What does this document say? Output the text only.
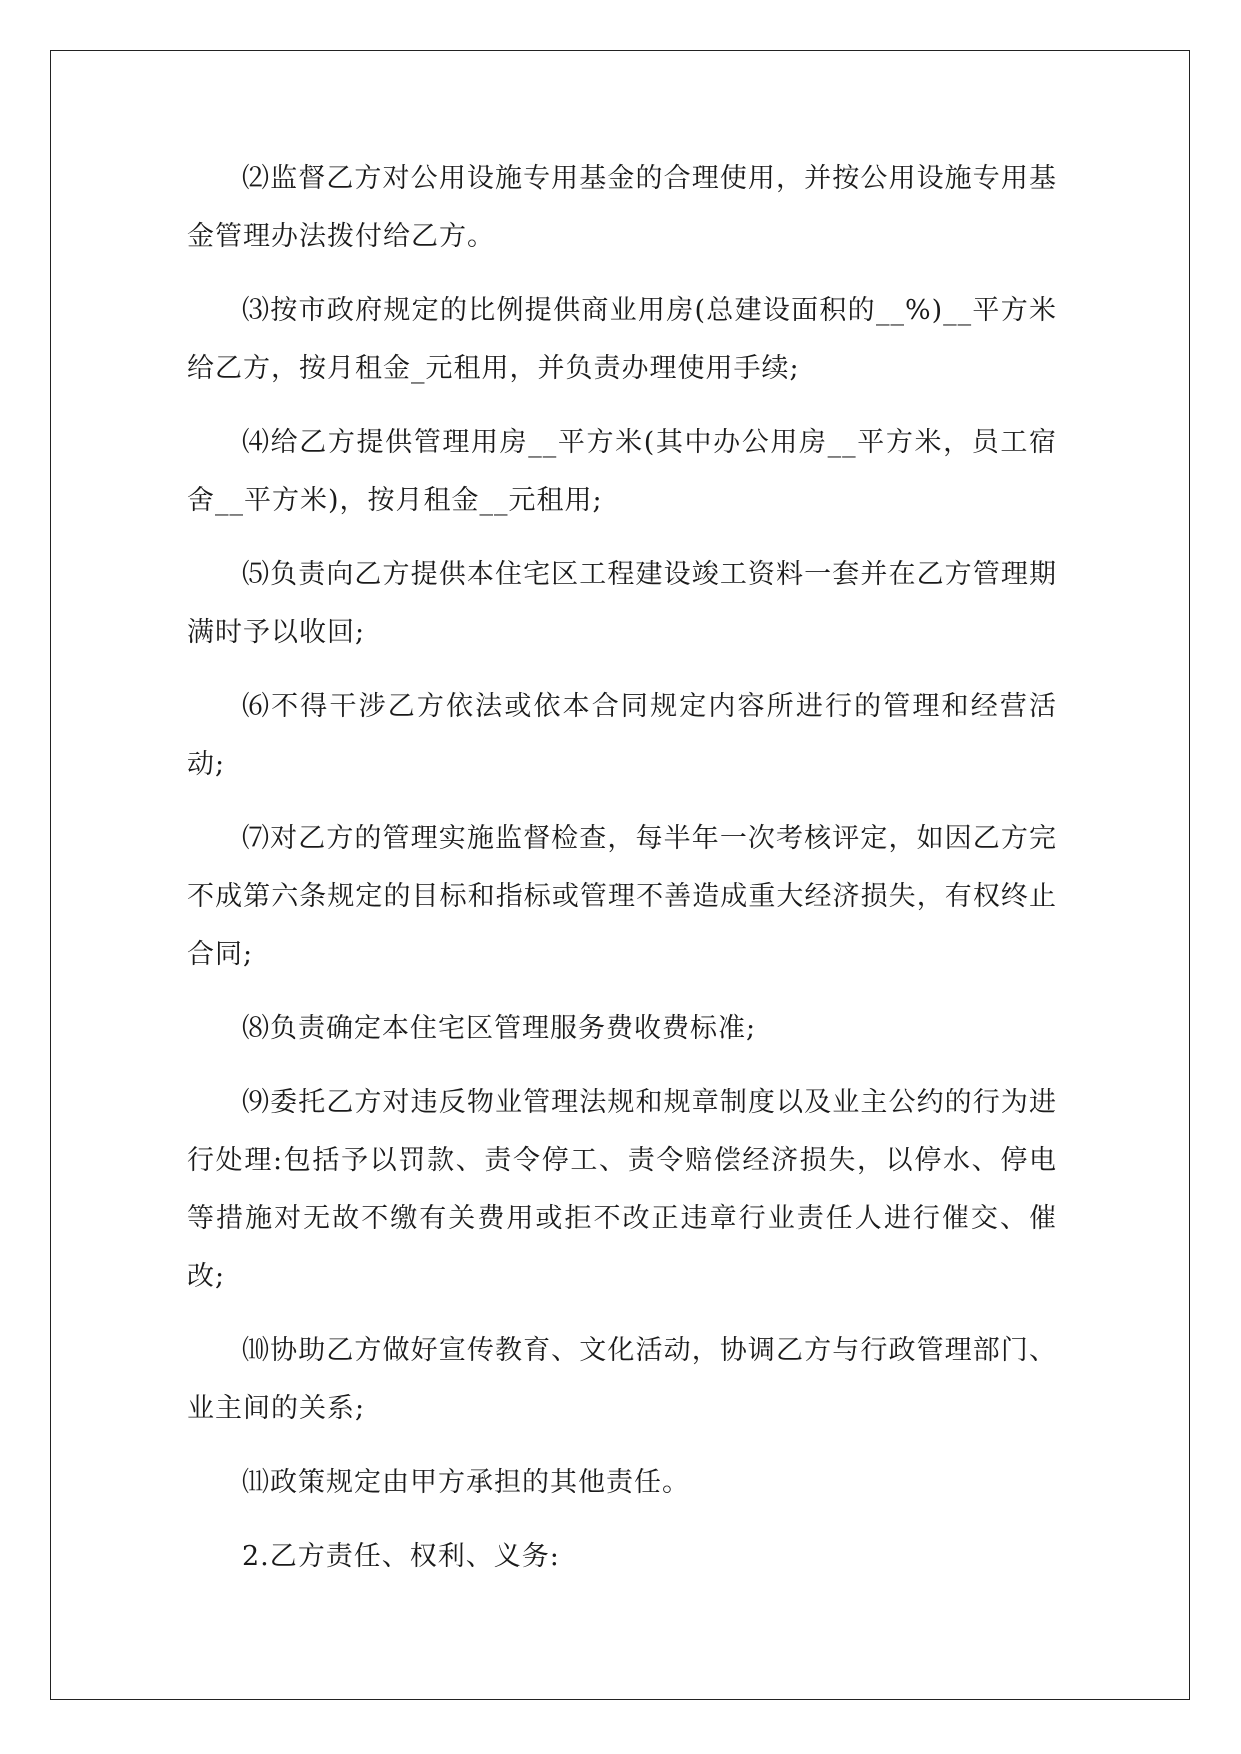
⑵监督乙方对公用设施专用基金的合理使用，并按公用设施专用基金管理办法拨付给乙方。

⑶按市政府规定的比例提供商业用房(总建设面积的__%)__平方米给乙方，按月租金_元租用，并负责办理使用手续;

⑷给乙方提供管理用房__平方米(其中办公用房__平方米，员工宿舍__平方米)，按月租金__元租用;

⑸负责向乙方提供本住宅区工程建设竣工资料一套并在乙方管理期满时予以收回;

⑹不得干涉乙方依法或依本合同规定内容所进行的管理和经营活动;

⑺对乙方的管理实施监督检查，每半年一次考核评定，如因乙方完不成第六条规定的目标和指标或管理不善造成重大经济损失，有权终止合同;

⑻负责确定本住宅区管理服务费收费标准;

⑼委托乙方对违反物业管理法规和规章制度以及业主公约的行为进行处理:包括予以罚款、责令停工、责令赔偿经济损失，以停水、停电等措施对无故不缴有关费用或拒不改正违章行业责任人进行催交、催改;

⑽协助乙方做好宣传教育、文化活动，协调乙方与行政管理部门、业主间的关系;

⑾政策规定由甲方承担的其他责任。

2.乙方责任、权利、义务:
